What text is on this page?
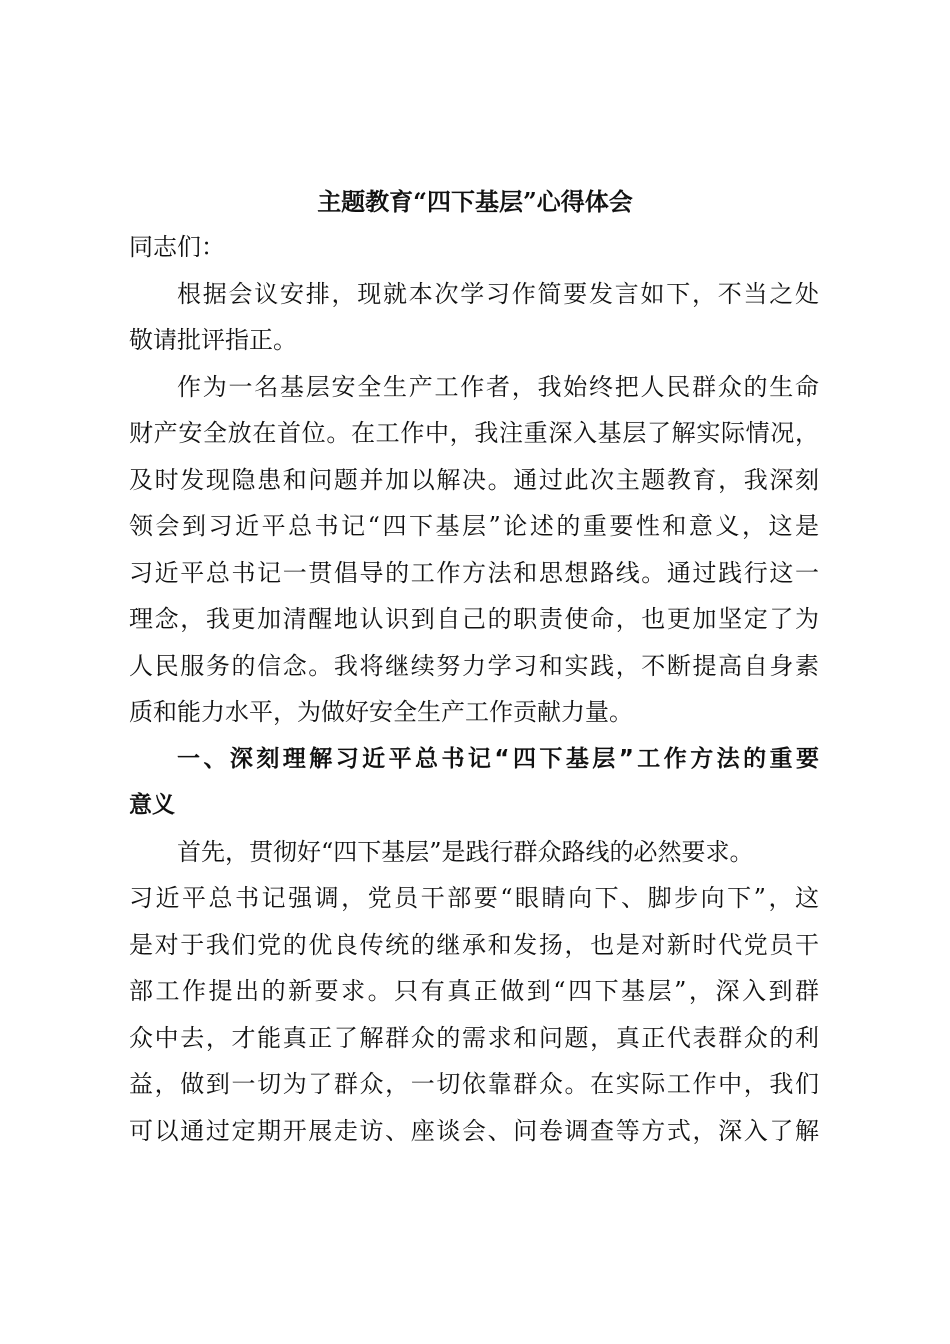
主题教育“四下基层”心得体会
同志们：
根据会议安排，现就本次学习作简要发言如下，不当之处
敬请批评指正。
作为一名基层安全生产工作者，我始终把人民群众的生命
财产安全放在首位。在工作中，我注重深入基层了解实际情况，
及时发现隐患和问题并加以解决。通过此次主题教育，我深刻
领会到习近平总书记“四下基层”论述的重要性和意义，这是
习近平总书记一贯倡导的工作方法和思想路线。通过践行这一
理念，我更加清醒地认识到自己的职责使命，也更加坚定了为
人民服务的信念。我将继续努力学习和实践，不断提高自身素
质和能力水平，为做好安全生产工作贡献力量。
一、深刻理解习近平总书记“四下基层”工作方法的重要
意义
首先，贯彻好“四下基层”是践行群众路线的必然要求。
习近平总书记强调，党员干部要“眼睛向下、脚步向下”，这
是对于我们党的优良传统的继承和发扬，也是对新时代党员干
部工作提出的新要求。只有真正做到“四下基层”，深入到群
众中去，才能真正了解群众的需求和问题，真正代表群众的利
益，做到一切为了群众，一切依靠群众。在实际工作中，我们
可以通过定期开展走访、座谈会、问卷调查等方式，深入了解
